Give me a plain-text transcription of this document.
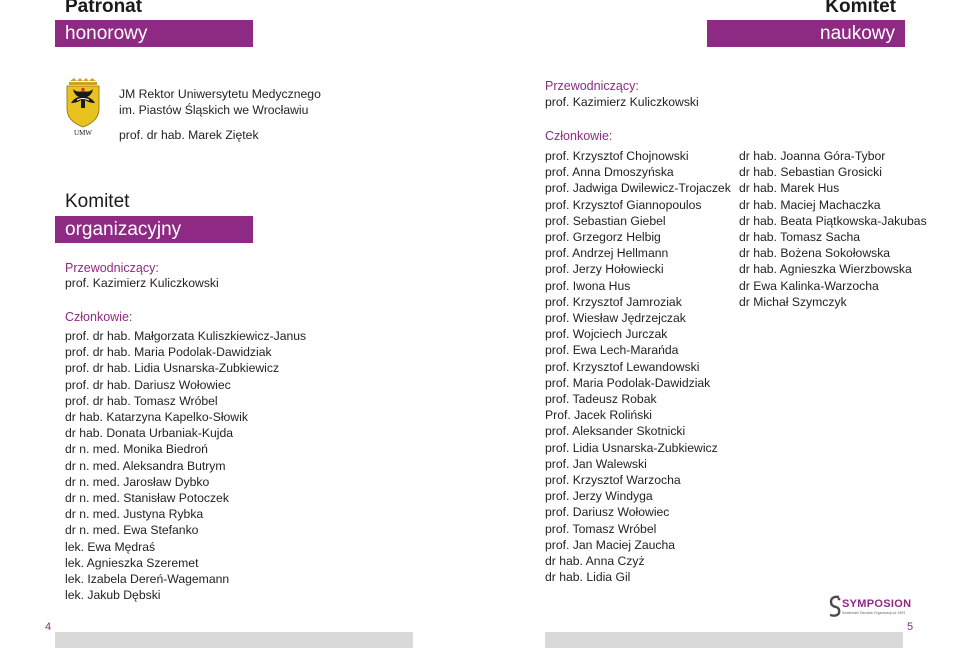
Patronat
honorowy
UMW
JM Rektor Uniwersytetu Medycznego
im. Piastów Śląskich we Wrocławiu
prof. dr hab. Marek Ziętek
Komitet
organizacyjny
Przewodniczący:
prof. Kazimierz Kuliczkowski
Członkowie:
prof. dr hab. Małgorzata Kuliszkiewicz-Janus
prof. dr hab. Maria Podolak-Dawidziak
prof. dr hab. Lidia Usnarska-Zubkiewicz
prof. dr hab. Dariusz Wołowiec
prof. dr hab. Tomasz Wróbel
dr hab. Katarzyna Kapelko-Słowik
dr hab. Donata Urbaniak-Kujda
dr n. med. Monika Biedroń
dr n. med. Aleksandra Butrym
dr n. med. Jarosław Dybko
dr n. med. Stanisław Potoczek
dr n. med. Justyna Rybka
dr n. med. Ewa Stefanko
lek. Ewa Mędraś
lek. Agnieszka Szeremet
lek. Izabela Dereń-Wagemann
lek. Jakub Dębski
4
Komitet
naukowy
Przewodniczący:
prof. Kazimierz Kuliczkowski
Członkowie:
prof. Krzysztof Chojnowski
prof. Anna Dmoszyńska
prof. Jadwiga Dwilewicz-Trojaczek
prof. Krzysztof Giannopoulos
prof. Sebastian Giebel
prof. Grzegorz Helbig
prof. Andrzej Hellmann
prof. Jerzy Hołowiecki
prof. Iwona Hus
prof. Krzysztof Jamroziak
prof. Wiesław Jędrzejczak
prof. Wojciech Jurczak
prof. Ewa Lech-Marańda
prof. Krzysztof Lewandowski
prof. Maria Podolak-Dawidziak
prof. Tadeusz Robak
Prof. Jacek Roliński
prof. Aleksander Skotnicki
prof. Lidia Usnarska-Zubkiewicz
prof. Jan Walewski
prof. Krzysztof Warzocha
prof. Jerzy Windyga
prof. Dariusz Wołowiec
prof. Tomasz Wróbel
prof. Jan Maciej Zaucha
dr hab. Anna Czyż
dr hab. Lidia Gil
dr hab. Joanna Góra-Tybor
dr hab. Sebastian Grosicki
dr hab. Marek Hus
dr hab. Maciej Machaczka
dr hab. Beata Piątkowska-Jakubas
dr hab. Tomasz Sacha
dr hab. Bożena Sokołowska
dr hab. Agnieszka Wierzbowska
dr Ewa Kalinka-Warzocha
dr Michał Szymczyk
SYMPOSION
Szwendzki Ośrodek Organizacji od 1993
5
